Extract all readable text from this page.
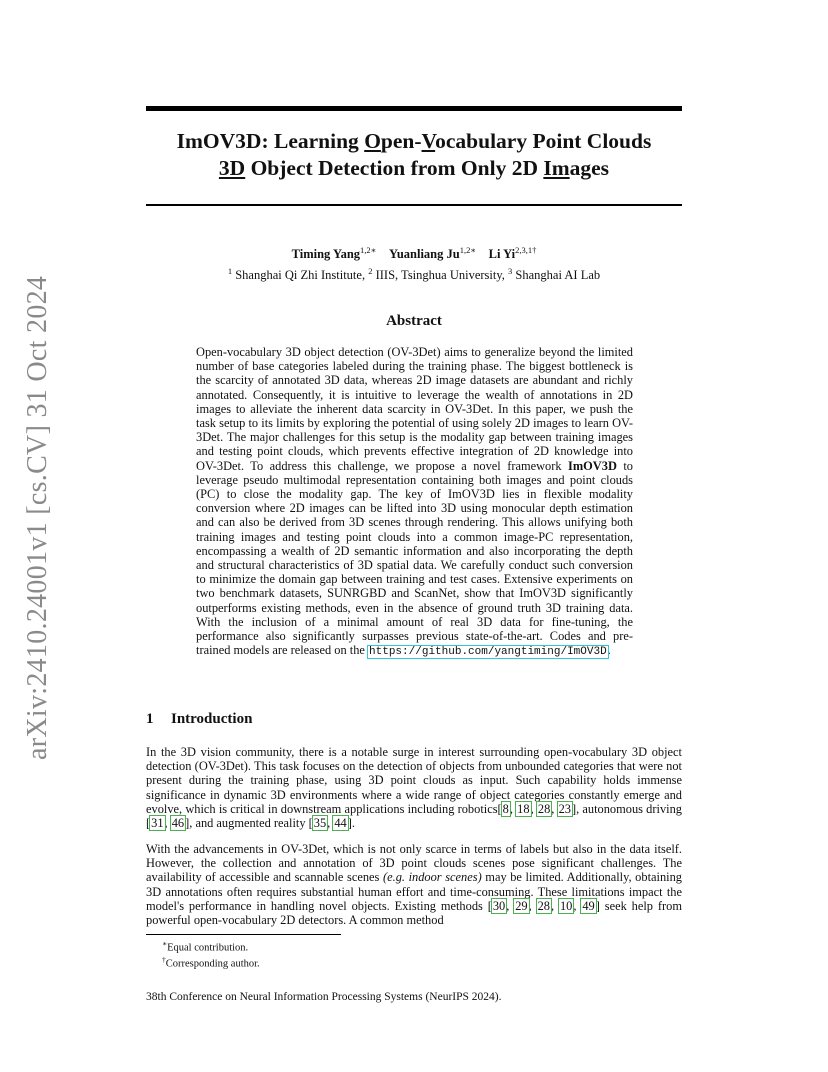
arXiv:2410.24001v1 [cs.CV] 31 Oct 2024
ImOV3D: Learning Open-Vocabulary Point Clouds
3D Object Detection from Only 2D Images
Timing Yang$^{1,2∗}$ Yuanliang $Ju^{1,2∗}$ Li $Yi^{2,3,1\dagger}$
$^1$ Shanghai Qi Zhi Institute, $^2$ IIIS, Tsinghua University, $^3$ Shanghai AI Lab
Abstract
Open-vocabulary 3D object detection (OV-3Det) aims to generalize beyond the limited number of base categories labeled during the training phase. The biggest bottleneck is the scarcity of annotated 3D data, whereas 2D image datasets are abundant and richly annotated. Consequently, it is intuitive to leverage the wealth of annotations in 2D images to alleviate the inherent data scarcity in OV-3Det. In this paper, we push the task setup to its limits by exploring the potential of using solely 2D images to learn OV-3Det. The major challenges for this setup is the modality gap between training images and testing point clouds, which prevents effective integration of 2D knowledge into OV-3Det. To address this challenge, we propose a novel framework ImOV3D to leverage pseudo multimodal representation containing both images and point clouds (PC) to close the modality gap. The key of ImOV3D lies in flexible modality conversion where 2D images can be lifted into 3D using monocular depth estimation and can also be derived from 3D scenes through rendering. This allows unifying both training images and testing point clouds into a common image-PC representation, encompassing a wealth of 2D semantic information and also incorporating the depth and structural characteristics of 3D spatial data. We carefully conduct such conversion to minimize the domain gap between training and test cases. Extensive experiments on two benchmark datasets, SUNRGBD and ScanNet, show that ImOV3D significantly outperforms existing methods, even in the absence of ground truth 3D training data. With the inclusion of a minimal amount of real 3D data for fine-tuning, the performance also significantly surpasses previous state-of-the-art. Codes and pre-trained models are released on the https://github.com/yangtiming/ImOV3D.
1 Introduction
In the 3D vision community, there is a notable surge in interest surrounding open-vocabulary 3D object detection (OV-3Det). This task focuses on the detection of objects from unbounded categories that were not present during the training phase, using 3D point clouds as input. Such capability holds immense significance in dynamic 3D environments where a wide range of object categories constantly emerge and evolve, which is critical in downstream applications including robotics[8, 18, 28, 23], autonomous driving [31, 46], and augmented reality [35, 44].
With the advancements in OV-3Det, which is not only scarce in terms of labels but also in the data itself. However, the collection and annotation of 3D point clouds scenes pose significant challenges. The availability of accessible and scannable scenes (e.g. indoor scenes) may be limited. Additionally, obtaining 3D annotations often requires substantial human effort and time-consuming. These limitations impact the model's performance in handling novel objects. Existing methods [30, 29, 28, 10, 49] seek help from powerful open-vocabulary 2D detectors. A common method
∗Equal contribution.
†Corresponding author.
38th Conference on Neural Information Processing Systems (NeurIPS 2024).
